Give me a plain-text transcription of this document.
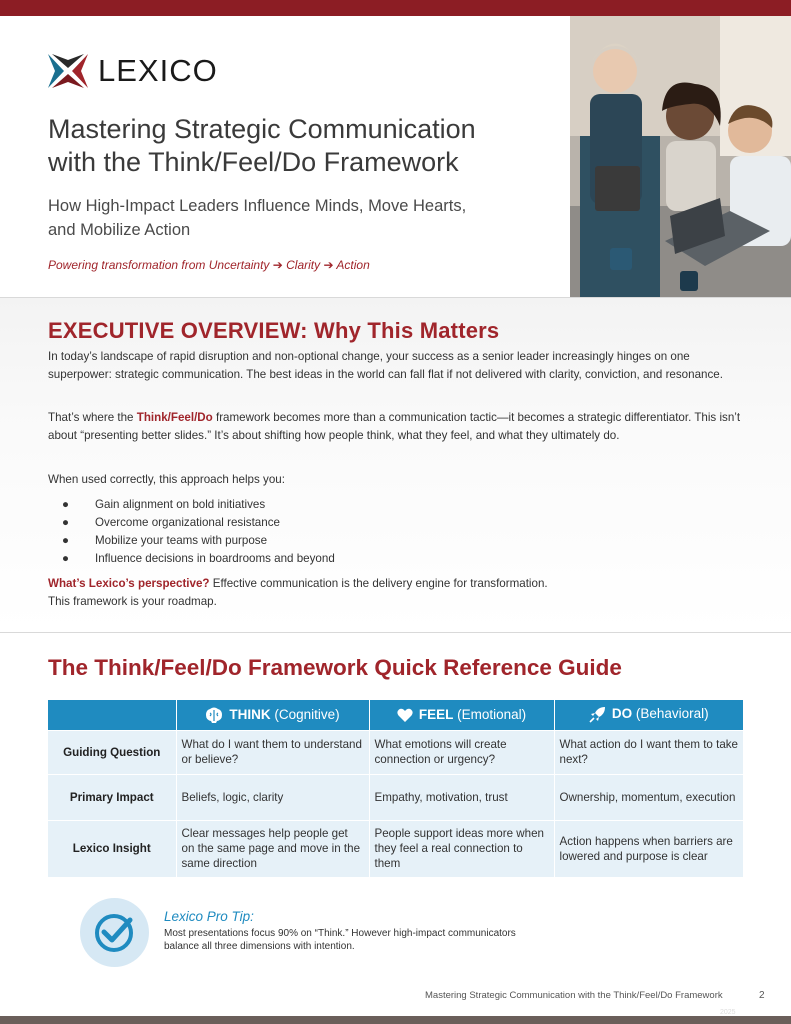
LEXICO
Mastering Strategic Communication
with the Think/Feel/Do Framework
How High-Impact Leaders Influence Minds, Move Hearts,
and Mobilize Action
Powering transformation from Uncertainty ➔ Clarity ➔ Action
EXECUTIVE OVERVIEW: Why This Matters

In today’s landscape of rapid disruption and non-optional change, your success as a senior leader increasingly hinges on one superpower: strategic communication. The best ideas in the world can fall flat if not delivered with clarity, conviction, and resonance.

That’s where the Think/Feel/Do framework becomes more than a communication tactic—it becomes a strategic differentiator. This isn’t about “presenting better slides.” It’s about shifting how people think, what they feel, and what they ultimately do.

When used correctly, this approach helps you:

● Gain alignment on bold initiatives
● Overcome organizational resistance
● Mobilize your teams with purpose
● Influence decisions in boardrooms and beyond

What’s Lexico’s perspective? Effective communication is the delivery engine for transformation.
This framework is your roadmap.

The Think/Feel/Do Framework Quick Reference Guide
	THINK (Cognitive)	FEEL (Emotional)	DO (Behavioral)
Guiding Question	What do I want them to understand or believe?	What emotions will create connection or urgency?	What action do I want them to take next?
Primary Impact	Beliefs, logic, clarity	Empathy, motivation, trust	Ownership, momentum, execution
Lexico Insight	Clear messages help people get on the same page and move in the same direction	People support ideas more when they feel a real connection to them	Action happens when barriers are lowered and purpose is clear
Lexico Pro Tip:
Most presentations focus 90% on “Think.” However high-impact communicators balance all three dimensions with intention.
Mastering Strategic Communication with the Think/Feel/Do Framework	2
2025
